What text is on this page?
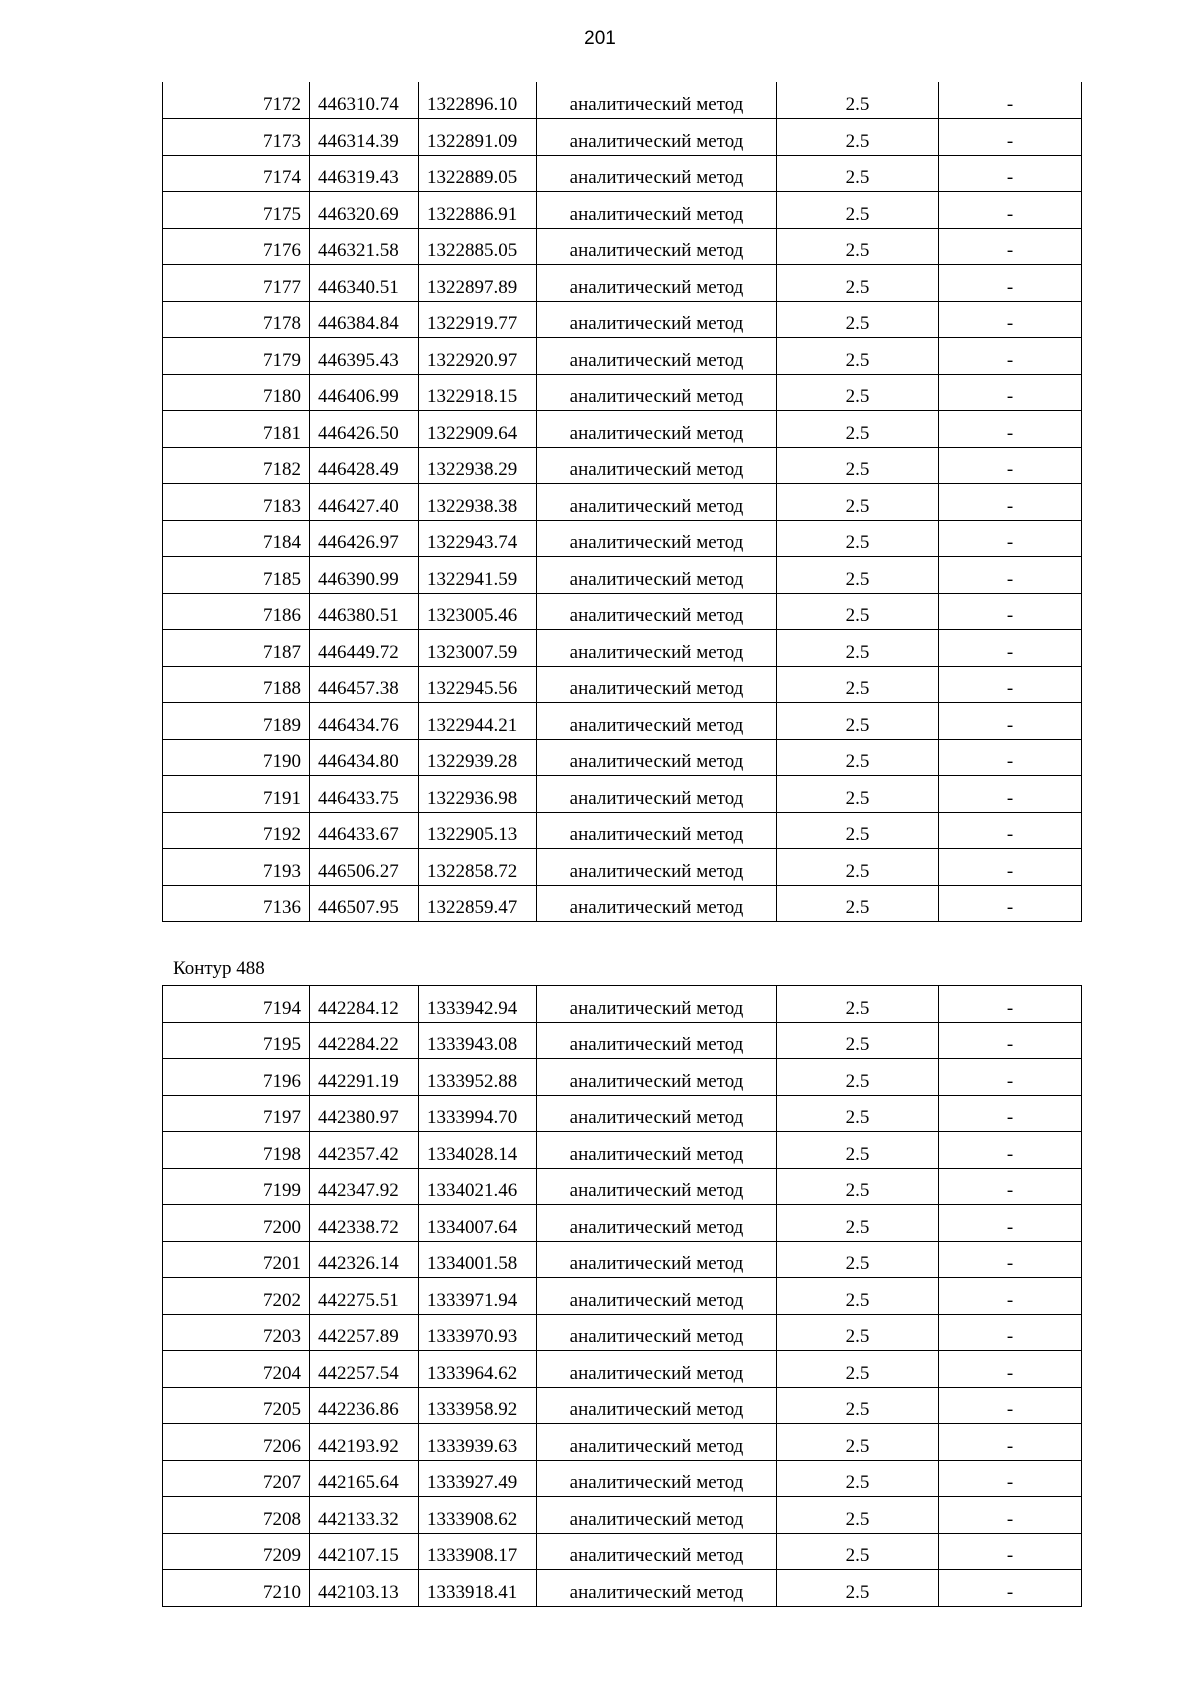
201
7172	446310.74	1322896.10	аналитический метод	2.5	-
7173	446314.39	1322891.09	аналитический метод	2.5	-
7174	446319.43	1322889.05	аналитический метод	2.5	-
7175	446320.69	1322886.91	аналитический метод	2.5	-
7176	446321.58	1322885.05	аналитический метод	2.5	-
7177	446340.51	1322897.89	аналитический метод	2.5	-
7178	446384.84	1322919.77	аналитический метод	2.5	-
7179	446395.43	1322920.97	аналитический метод	2.5	-
7180	446406.99	1322918.15	аналитический метод	2.5	-
7181	446426.50	1322909.64	аналитический метод	2.5	-
7182	446428.49	1322938.29	аналитический метод	2.5	-
7183	446427.40	1322938.38	аналитический метод	2.5	-
7184	446426.97	1322943.74	аналитический метод	2.5	-
7185	446390.99	1322941.59	аналитический метод	2.5	-
7186	446380.51	1323005.46	аналитический метод	2.5	-
7187	446449.72	1323007.59	аналитический метод	2.5	-
7188	446457.38	1322945.56	аналитический метод	2.5	-
7189	446434.76	1322944.21	аналитический метод	2.5	-
7190	446434.80	1322939.28	аналитический метод	2.5	-
7191	446433.75	1322936.98	аналитический метод	2.5	-
7192	446433.67	1322905.13	аналитический метод	2.5	-
7193	446506.27	1322858.72	аналитический метод	2.5	-
7136	446507.95	1322859.47	аналитический метод	2.5	-
Контур 488
7194	442284.12	1333942.94	аналитический метод	2.5	-
7195	442284.22	1333943.08	аналитический метод	2.5	-
7196	442291.19	1333952.88	аналитический метод	2.5	-
7197	442380.97	1333994.70	аналитический метод	2.5	-
7198	442357.42	1334028.14	аналитический метод	2.5	-
7199	442347.92	1334021.46	аналитический метод	2.5	-
7200	442338.72	1334007.64	аналитический метод	2.5	-
7201	442326.14	1334001.58	аналитический метод	2.5	-
7202	442275.51	1333971.94	аналитический метод	2.5	-
7203	442257.89	1333970.93	аналитический метод	2.5	-
7204	442257.54	1333964.62	аналитический метод	2.5	-
7205	442236.86	1333958.92	аналитический метод	2.5	-
7206	442193.92	1333939.63	аналитический метод	2.5	-
7207	442165.64	1333927.49	аналитический метод	2.5	-
7208	442133.32	1333908.62	аналитический метод	2.5	-
7209	442107.15	1333908.17	аналитический метод	2.5	-
7210	442103.13	1333918.41	аналитический метод	2.5	-
